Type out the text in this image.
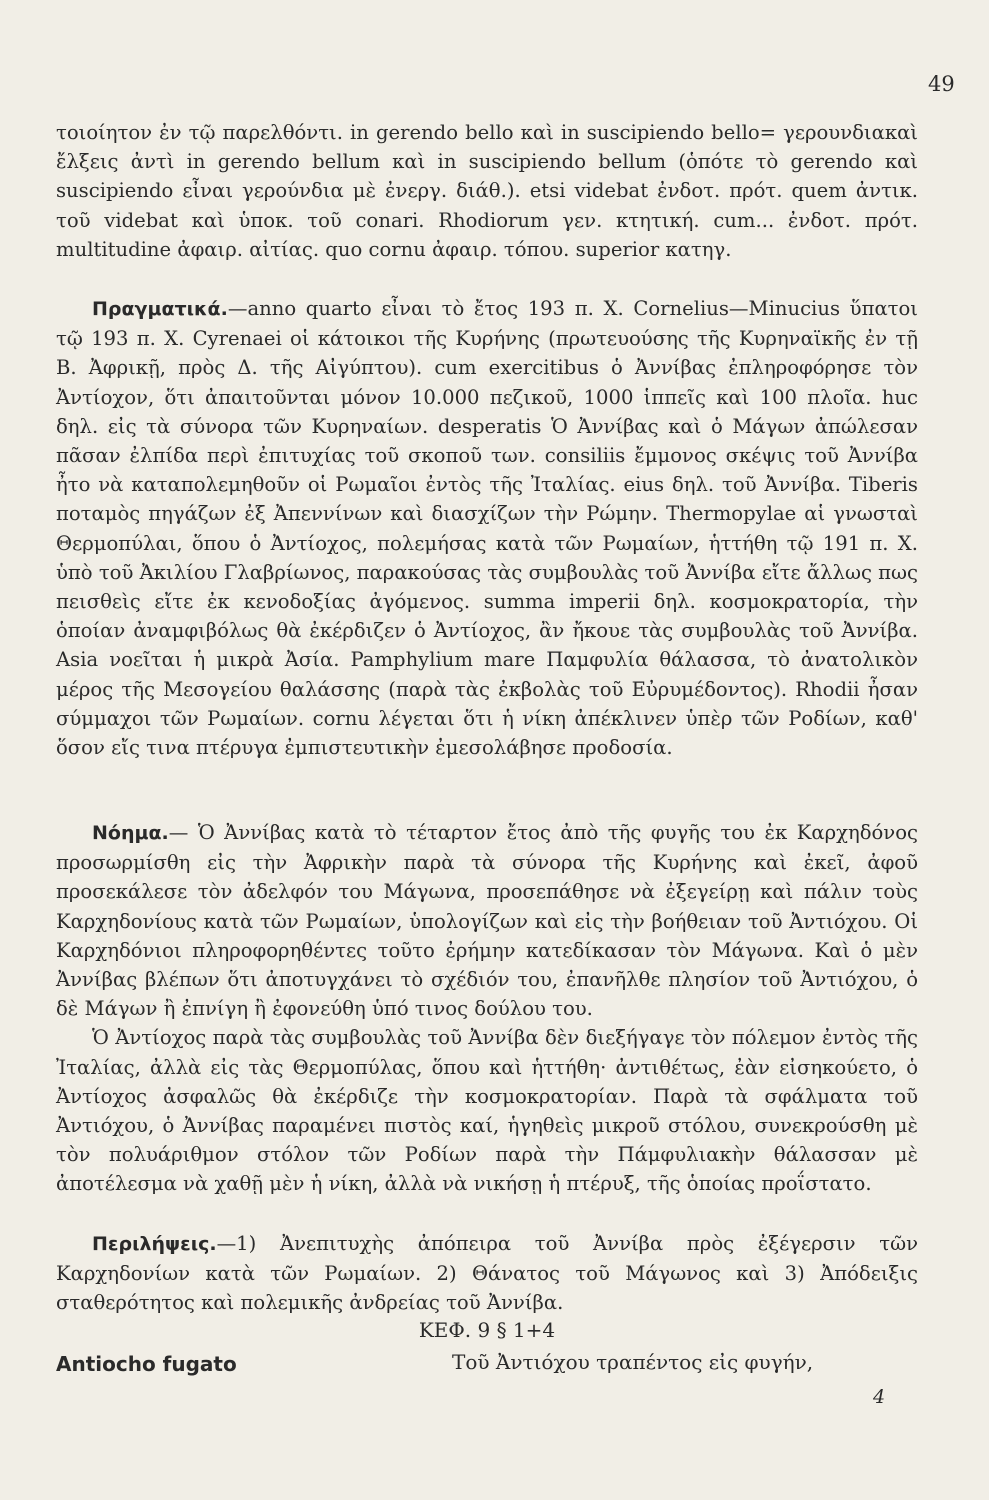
49

τοιοίητον ἐν τῷ παρελθόντι. in gerendo bello καὶ in suscipiendo bello= γερουνδιακαὶ ἔλξεις ἀντὶ in gerendo bellum καὶ in suscipiendo bellum (ὁπότε τὸ gerendo καὶ suscipiendo εἶναι γερούνδια μὲ ἐνεργ. διάθ.). etsi videbat ἐνδοτ. πρότ. quem ἀντικ. τοῦ videbat καὶ ὑποκ. τοῦ conari. Rhodiorum γεν. κτητική. cum... ἐνδοτ. πρότ. multitudine ἀφαιρ. αἰτίας. quo cornu ἀφαιρ. τόπου. superior κατηγ.

Πραγματικά.—anno quarto εἶναι τὸ ἔτος 193 π. Χ. Cornelius—Minucius ὕπατοι τῷ 193 π. Χ. Cyrenaei οἱ κάτοικοι τῆς Κυρήνης (πρωτευούσης τῆς Κυρηναϊκῆς ἐν τῇ Β. Ἀφρικῇ, πρὸς Δ. τῆς Αἰγύπτου). cum exercitibus ὁ Ἀννίβας ἐπληροφόρησε τὸν Ἀντίοχον, ὅτι ἀπαιτοῦνται μόνον 10.000 πεζικοῦ, 1000 ἱππεῖς καὶ 100 πλοῖα. huc δηλ. εἰς τὰ σύνορα τῶν Κυρηναίων. desperatis Ὁ Ἀννίβας καὶ ὁ Μάγων ἀπώλεσαν πᾶσαν ἐλπίδα περὶ ἐπιτυχίας τοῦ σκοποῦ των. consiliis ἔμμονος σκέψις τοῦ Ἀννίβα ἦτο νὰ καταπολεμηθοῦν οἱ Ρωμαῖοι ἐντὸς τῆς Ἰταλίας. eius δηλ. τοῦ Ἀννίβα. Tiberis ποταμὸς πηγάζων ἐξ Ἀπεννίνων καὶ διασχίζων τὴν Ρώμην. Thermopylae αἱ γνωσταὶ Θερμοπύλαι, ὅπου ὁ Ἀντίοχος, πολεμήσας κατὰ τῶν Ρωμαίων, ἡττήθη τῷ 191 π. Χ. ὑπὸ τοῦ Ἀκιλίου Γλαβρίωνος, παρακούσας τὰς συμβουλὰς τοῦ Ἀννίβα εἴτε ἄλλως πως πεισθεὶς εἴτε ἐκ κενοδοξίας ἀγόμενος. summa imperii δηλ. κοσμοκρατορία, τὴν ὁποίαν ἀναμφιβόλως θὰ ἐκέρδιζεν ὁ Ἀντίοχος, ἂν ἤκουε τὰς συμβουλὰς τοῦ Ἀννίβα. Asia νοεῖται ἡ μικρὰ Ἀσία. Pamphylium mare Παμφυλία θάλασσα, τὸ ἀνατολικὸν μέρος τῆς Μεσογείου θαλάσσης (παρὰ τὰς ἐκβολὰς τοῦ Εὐρυμέδοντος). Rhodii ἦσαν σύμμαχοι τῶν Ρωμαίων. cornu λέγεται ὅτι ἡ νίκη ἀπέκλινεν ὑπὲρ τῶν Ροδίων, καθ' ὅσον εἴς τινα πτέρυγα ἐμπιστευτικὴν ἐμεσολάβησε προδοσία.

Νόημα.— Ὁ Ἀννίβας κατὰ τὸ τέταρτον ἔτος ἀπὸ τῆς φυγῆς του ἐκ Καρχηδόνος προσωρμίσθη εἰς τὴν Ἀφρικὴν παρὰ τὰ σύνορα τῆς Κυρήνης καὶ ἐκεῖ, ἀφοῦ προσεκάλεσε τὸν ἀδελφόν του Μάγωνα, προσεπάθησε νὰ ἐξεγείρῃ καὶ πάλιν τοὺς Καρχηδονίους κατὰ τῶν Ρωμαίων, ὑπολογίζων καὶ εἰς τὴν βοήθειαν τοῦ Ἀντιόχου. Οἱ Καρχηδόνιοι πληροφορηθέντες τοῦτο ἐρήμην κατεδίκασαν τὸν Μάγωνα. Καὶ ὁ μὲν Ἀννίβας βλέπων ὅτι ἀποτυγχάνει τὸ σχέδιόν του, ἐπανῆλθε πλησίον τοῦ Ἀντιόχου, ὁ δὲ Μάγων ἢ ἐπνίγη ἢ ἐφονεύθη ὑπό τινος δούλου του.

Ὁ Ἀντίοχος παρὰ τὰς συμβουλὰς τοῦ Ἀννίβα δὲν διεξήγαγε τὸν πόλεμον ἐντὸς τῆς Ἰταλίας, ἀλλὰ εἰς τὰς Θερμοπύλας, ὅπου καὶ ἡττήθη· ἀντιθέτως, ἐὰν εἰσηκούετο, ὁ Ἀντίοχος ἀσφαλῶς θὰ ἐκέρδιζε τὴν κοσμοκρατορίαν. Παρὰ τὰ σφάλματα τοῦ Ἀντιόχου, ὁ Ἀννίβας παραμένει πιστὸς καί, ἡγηθεὶς μικροῦ στόλου, συνεκρούσθη μὲ τὸν πολυάριθμον στόλον τῶν Ροδίων παρὰ τὴν Πάμφυλιακὴν θάλασσαν μὲ ἀποτέλεσμα νὰ χαθῇ μὲν ἡ νίκη, ἀλλὰ νὰ νικήσῃ ἡ πτέρυξ, τῆς ὁποίας προΐστατο.

Περιλήψεις.—1) Ἀνεπιτυχὴς ἀπόπειρα τοῦ Ἀννίβα πρὸς ἐξέγερσιν τῶν Καρχηδονίων κατὰ τῶν Ρωμαίων. 2) Θάνατος τοῦ Μάγωνος καὶ 3) Ἀπόδειξις σταθερότητος καὶ πολεμικῆς ἀνδρείας τοῦ Ἀννίβα.

ΚΕΦ. 9 § 1+4
Antiocho fugato	Τοῦ Ἀντιόχου τραπέντος εἰς φυγήν,
4
